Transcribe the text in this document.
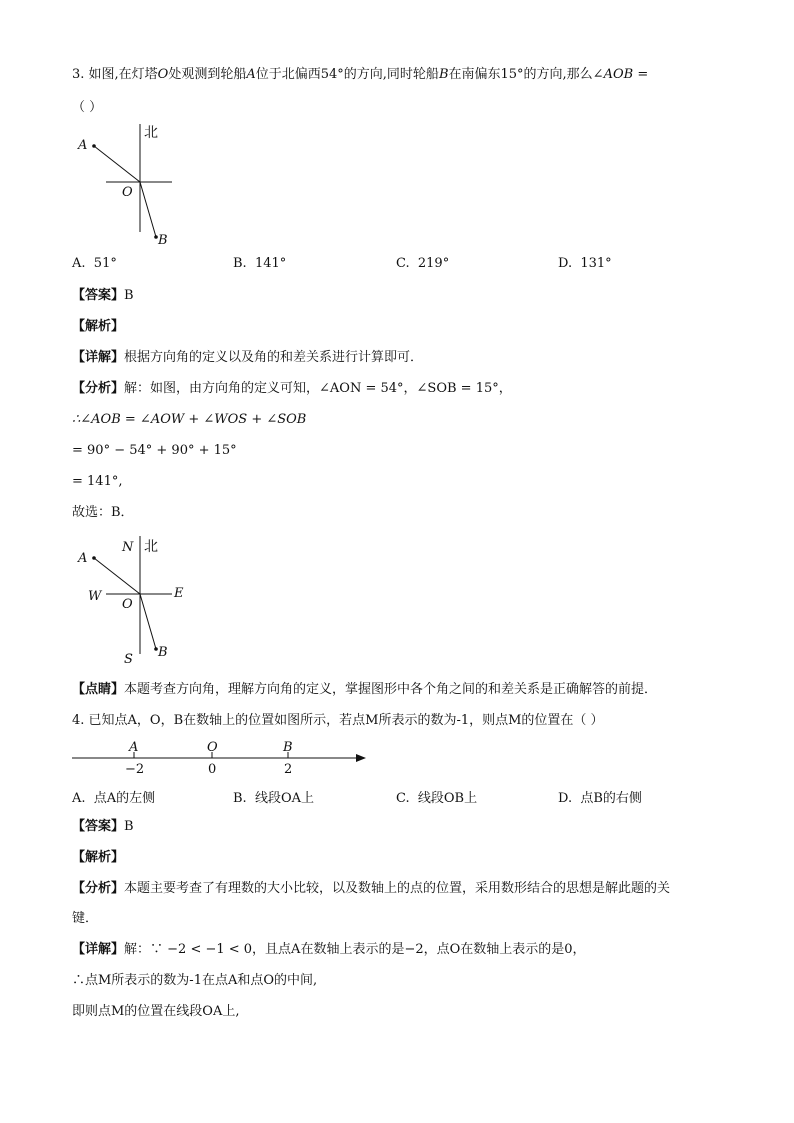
3. 如图,在灯塔O处观测到轮船A位于北偏西54°的方向,同时轮船B在南偏东15°的方向,那么∠AOB =
（ ）
北
A
O
B
A. 51°	B. 141°	C. 219°	D. 131°
【答案】B
【解析】
【详解】根据方向角的定义以及角的和差关系进行计算即可．
【分析】解：如图，由方向角的定义可知，∠AON = 54°，∠SOB = 15°，
∴∠AOB = ∠AOW + ∠WOS + ∠SOB
= 90° − 54° + 90° + 15°
= 141°,
故选：B．
N 北
A
W
O
E
S B
【点睛】本题考查方向角，理解方向角的定义，掌握图形中各个角之间的和差关系是正确解答的前提．
4. 已知点A，O，B在数轴上的位置如图所示，若点M所表示的数为-1，则点M的位置在（ ）
A	O	B
−2	0	2
A. 点A的左侧	B. 线段OA上	C. 线段OB上	D. 点B的右侧
【答案】B
【解析】
【分析】本题主要考查了有理数的大小比较，以及数轴上的点的位置，采用数形结合的思想是解此题的关
键．
【详解】解：∵ −2 < −1 < 0，且点A在数轴上表示的是−2，点O在数轴上表示的是0，
∴点M所表示的数为-1在点A和点O的中间,
即则点M的位置在线段OA上,
